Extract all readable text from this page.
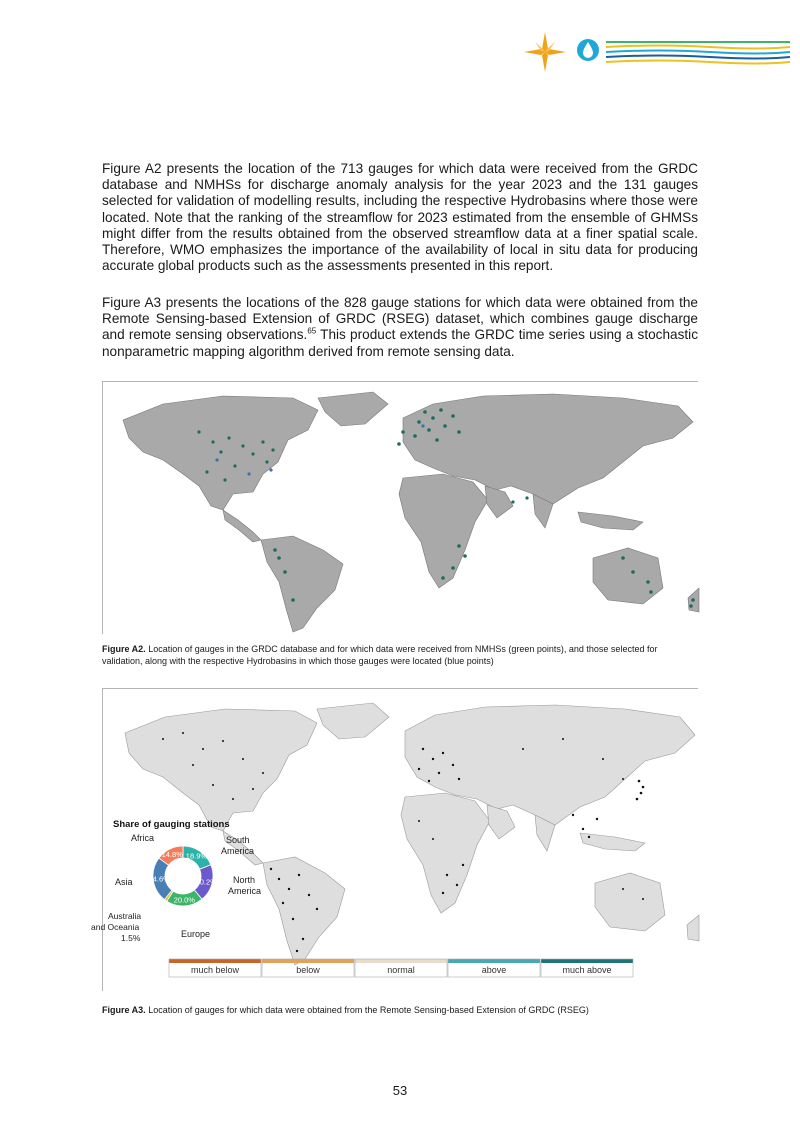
Figure A2 presents the location of the 713 gauges for which data were received from the GRDC database and NMHSs for discharge anomaly analysis for the year 2023 and the 131 gauges selected for validation of modelling results, including the respective Hydrobasins where those were located. Note that the ranking of the streamflow for 2023 estimated from the ensemble of GHMSs might differ from the results obtained from the observed streamflow data at a finer spatial scale. Therefore, WMO emphasizes the importance of the availability of local in situ data for producing accurate global products such as the assessments presented in this report.

Figure A3 presents the locations of the 828 gauge stations for which data were obtained from the Remote Sensing-based Extension of GRDC (RSEG) dataset, which combines gauge discharge and remote sensing observations.$^{65}$ This product extends the GRDC time series using a stochastic nonparametric mapping algorithm derived from remote sensing data.

Figure A2. Location of gauges in the GRDC database and for which data were received from NMHSs (green points), and those selected for validation, along with the respective Hydrobasins in which those gauges were located (blue points)

Share of gauging stations
18.9%
20.2%
20.0%
24.6%
14.8%
South
America
North
America
Europe
Australia
and Oceania
1.5%
Asia
Africa
much below	below	normal	above	much above

Figure A3. Location of gauges for which data were obtained from the Remote Sensing-based Extension of GRDC (RSEG)

53
